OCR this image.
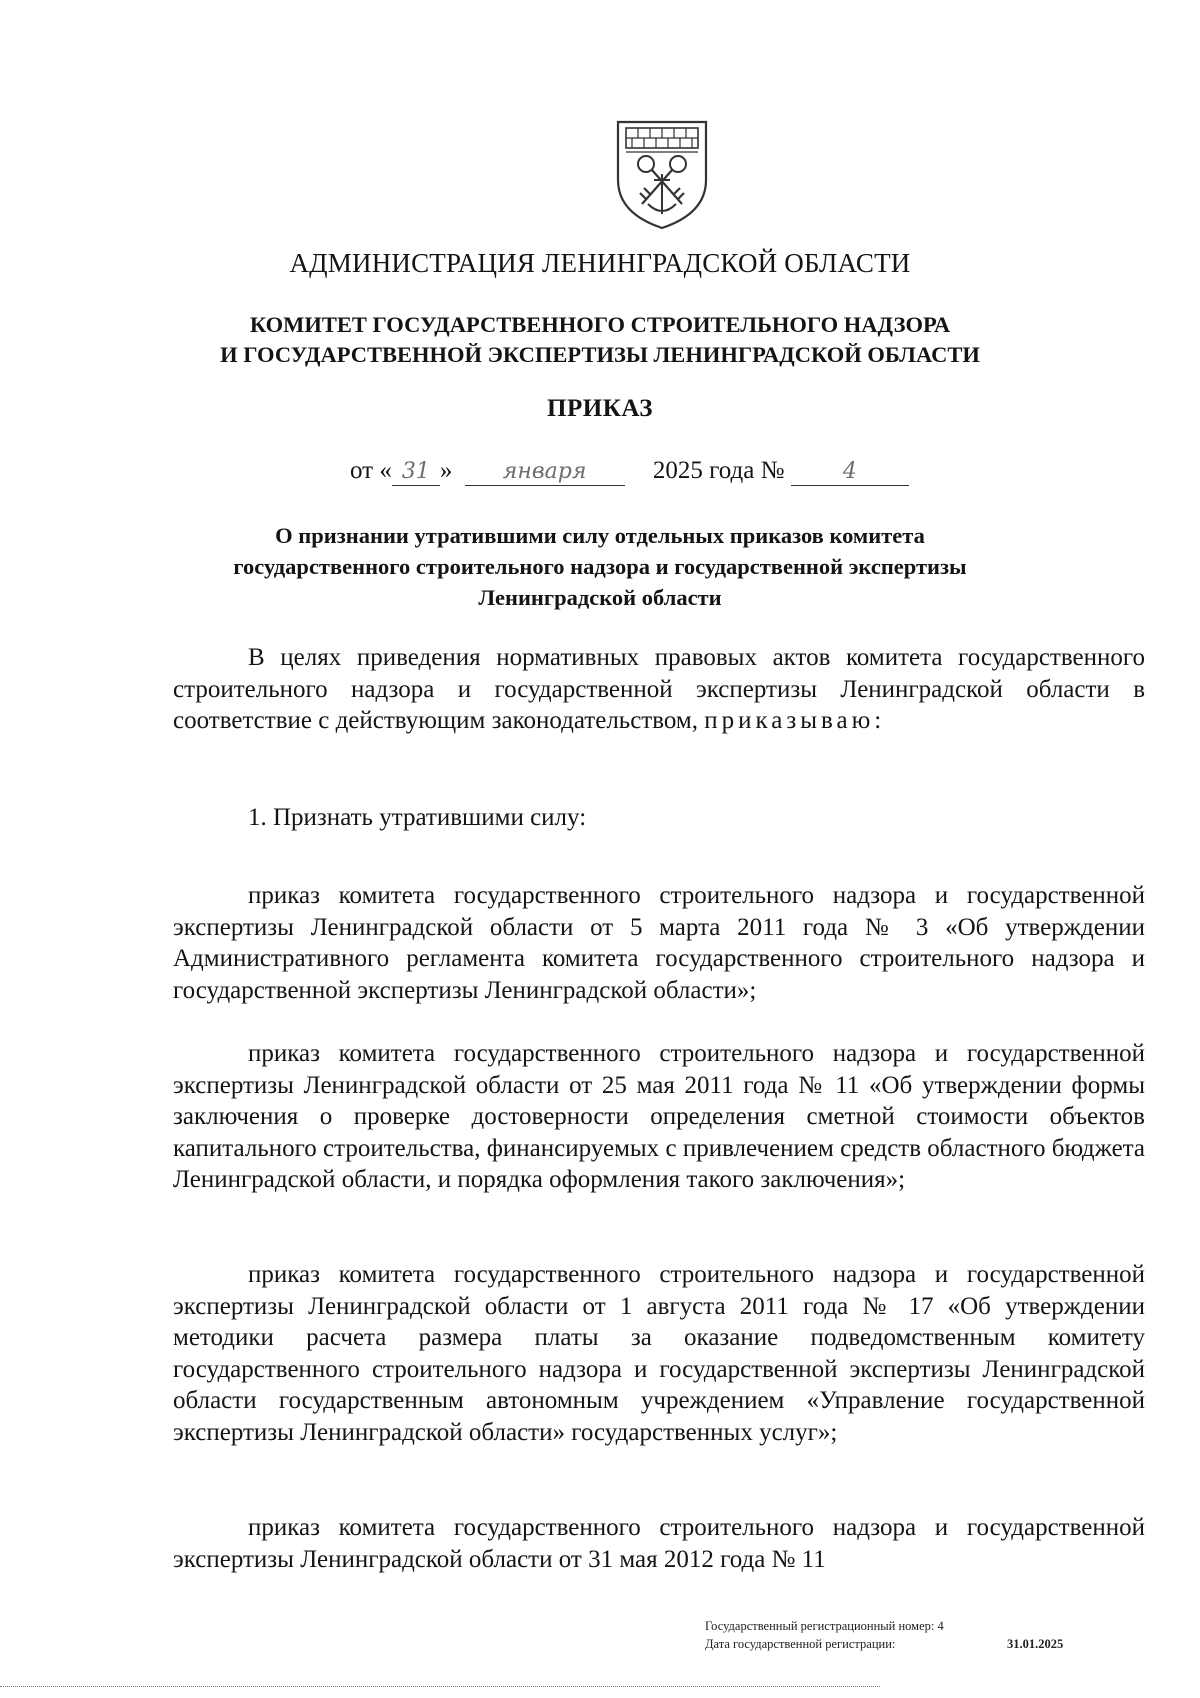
АДМИНИСТРАЦИЯ ЛЕНИНГРАДСКОЙ ОБЛАСТИ
КОМИТЕТ ГОСУДАРСТВЕННОГО СТРОИТЕЛЬНОГО НАДЗОРА
И ГОСУДАРСТВЕННОЙ ЭКСПЕРТИЗЫ ЛЕНИНГРАДСКОЙ ОБЛАСТИ
ПРИКАЗ
от « 31 » января	2025 года №	4
О признании утратившими силу отдельных приказов комитета
государственного строительного надзора и государственной экспертизы
Ленинградской области

В целях приведения нормативных правовых актов комитета государственного строительного надзора и государственной экспертизы Ленинградской области в соответствие с действующим законодательством, приказываю:

1. Признать утратившими силу:

приказ комитета государственного строительного надзора и государственной экспертизы Ленинградской области от 5 марта 2011 года № 3 «Об утверждении Административного регламента комитета государственного строительного надзора и государственной экспертизы Ленинградской области»;

приказ комитета государственного строительного надзора и государственной экспертизы Ленинградской области от 25 мая 2011 года № 11 «Об утверждении формы заключения о проверке достоверности определения сметной стоимости объектов капитального строительства, финансируемых с привлечением средств областного бюджета Ленинградской области, и порядка оформления такого заключения»;

приказ комитета государственного строительного надзора и государственной экспертизы Ленинградской области от 1 августа 2011 года № 17 «Об утверждении методики расчета размера платы за оказание подведомственным комитету государственного строительного надзора и государственной экспертизы Ленинградской области государственным автономным учреждением «Управление государственной экспертизы Ленинградской области» государственных услуг»;

приказ комитета государственного строительного надзора и государственной экспертизы Ленинградской области от 31 мая 2012 года № 11

Государственный регистрационный номер: 4
Дата государственной регистрации:	31.01.2025
